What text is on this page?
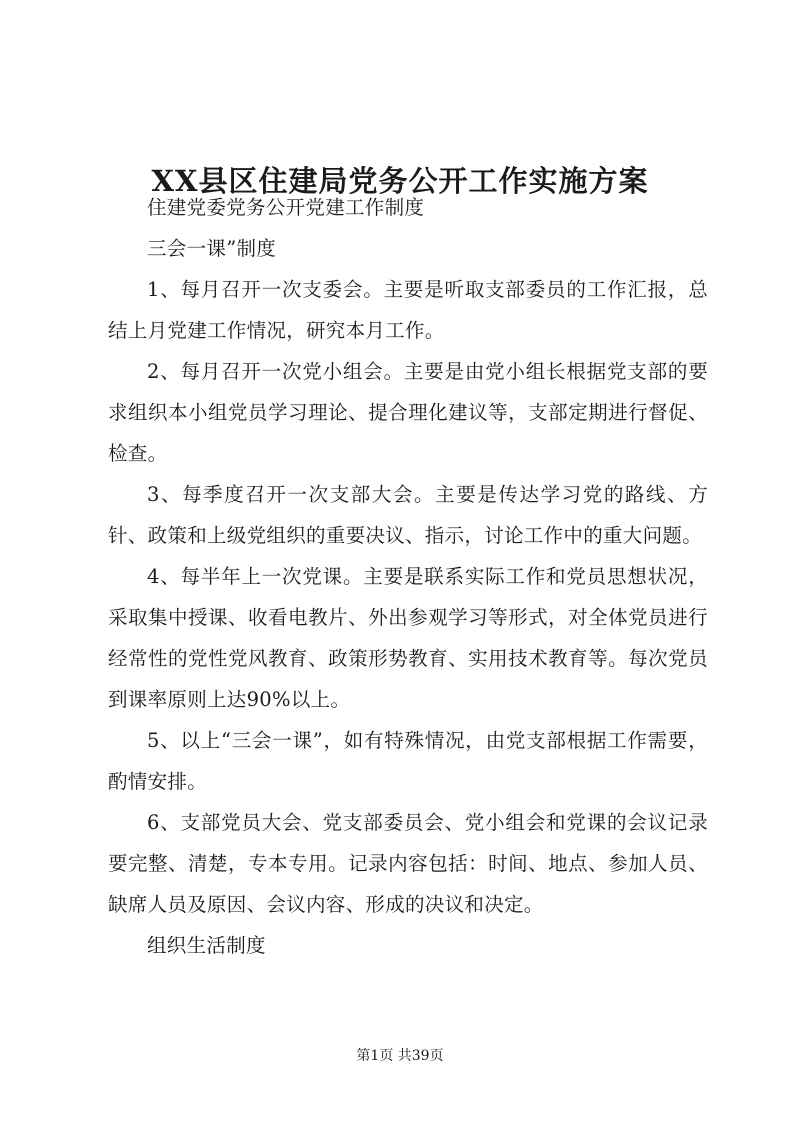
XX县区住建局党务公开工作实施方案

住建党委党务公开党建工作制度

三会一课”制度

1、每月召开一次支委会。主要是听取支部委员的工作汇报，总结上月党建工作情况，研究本月工作。

2、每月召开一次党小组会。主要是由党小组长根据党支部的要求组织本小组党员学习理论、提合理化建议等，支部定期进行督促、检查。

3、每季度召开一次支部大会。主要是传达学习党的路线、方针、政策和上级党组织的重要决议、指示，讨论工作中的重大问题。

4、每半年上一次党课。主要是联系实际工作和党员思想状况，采取集中授课、收看电教片、外出参观学习等形式，对全体党员进行经常性的党性党风教育、政策形势教育、实用技术教育等。每次党员到课率原则上达90%以上。

5、以上“三会一课”，如有特殊情况，由党支部根据工作需要，酌情安排。

6、支部党员大会、党支部委员会、党小组会和党课的会议记录要完整、清楚，专本专用。记录内容包括：时间、地点、参加人员、缺席人员及原因、会议内容、形成的决议和决定。

组织生活制度

第1页 共39页
